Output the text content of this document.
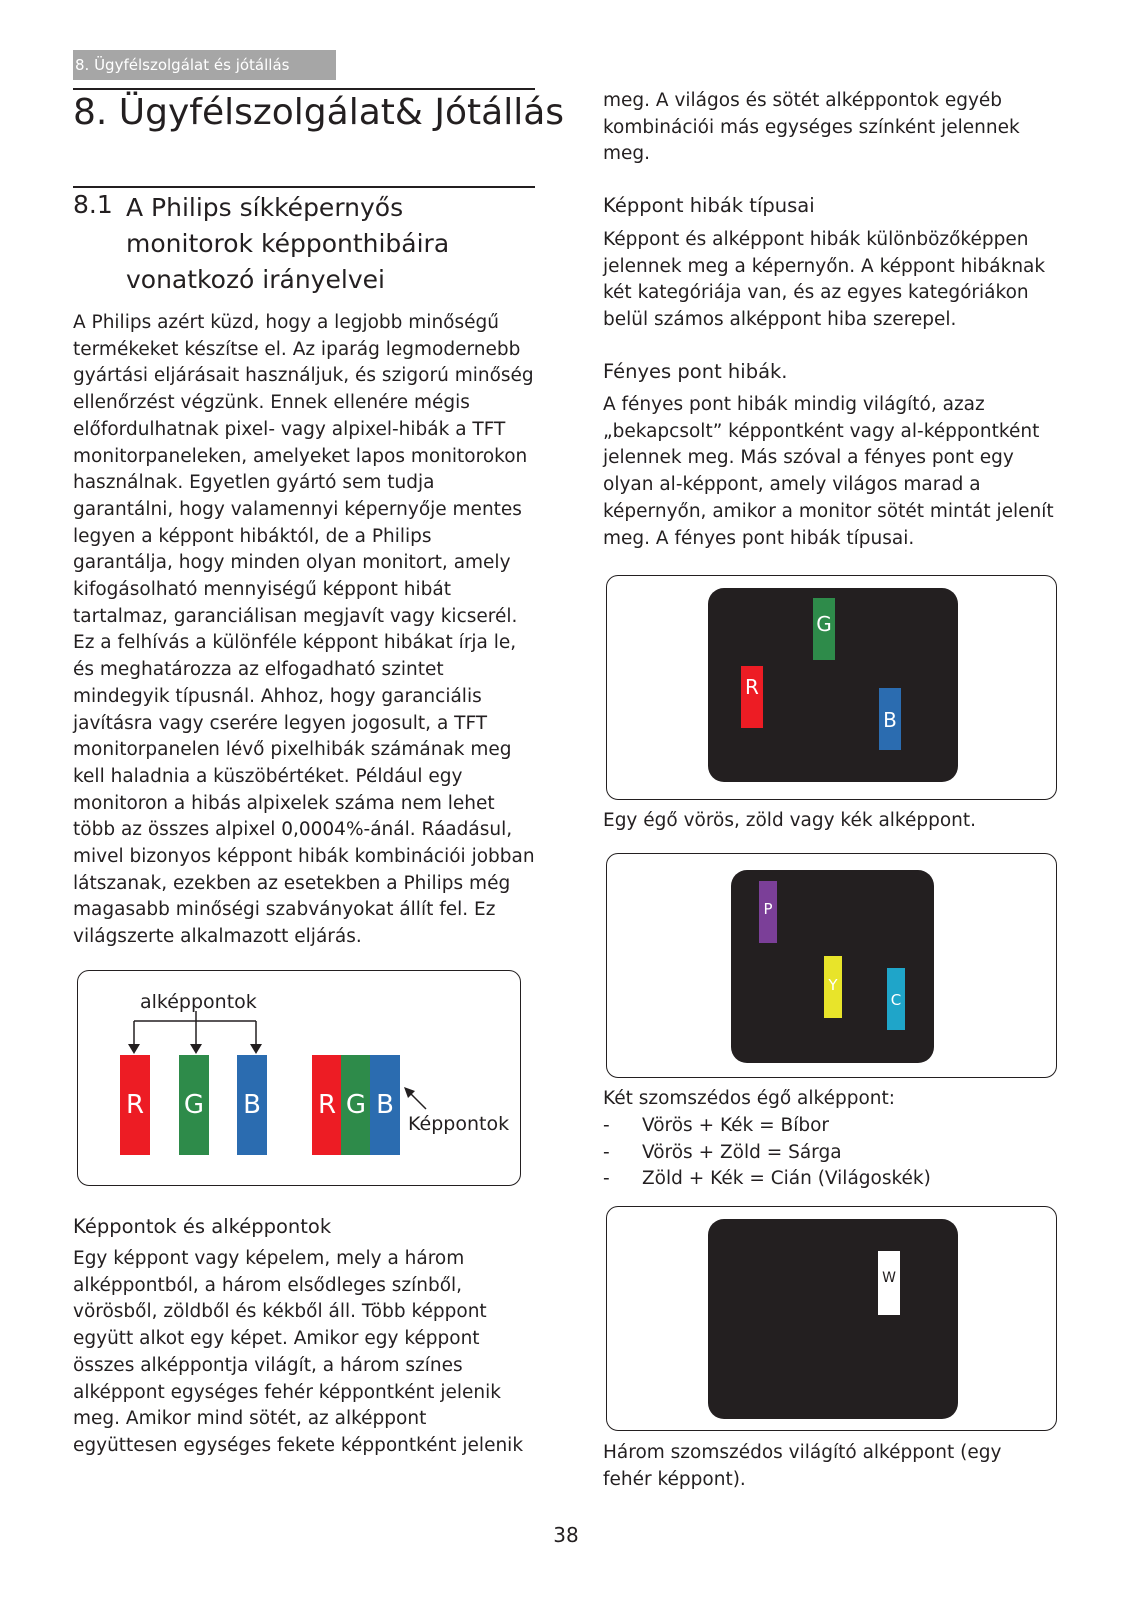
8. Ügyfélszolgálat és jótállás
8. Ügyfélszolgálat& Jótállás
8.1 A Philips síkképernyős monitorok képponthibáira vonatkozó irányelvei

A Philips azért küzd, hogy a legjobb minőségű termékeket készítse el. Az iparág legmodernebb gyártási eljárásait használjuk, és szigorú minőség ellenőrzést végzünk. Ennek ellenére mégis előfordulhatnak pixel- vagy alpixel-hibák a TFT monitorpaneleken, amelyeket lapos monitorokon használnak. Egyetlen gyártó sem tudja garantálni, hogy valamennyi képernyője mentes legyen a képpont hibáktól, de a Philips garantálja, hogy minden olyan monitort, amely kifogásolható mennyiségű képpont hibát tartalmaz, garanciálisan megjavít vagy kicserél. Ez a felhívás a különféle képpont hibákat írja le, és meghatározza az elfogadható szintet mindegyik típusnál. Ahhoz, hogy garanciális javításra vagy cserére legyen jogosult, a TFT monitorpanelen lévő pixelhibák számának meg kell haladnia a küszöbértéket. Például egy monitoron a hibás alpixelek száma nem lehet több az összes alpixel 0,0004%-ánál. Ráadásul, mivel bizonyos képpont hibák kombinációi jobban látszanak, ezekben az esetekben a Philips még magasabb minőségi szabványokat állít fel. Ez világszerte alkalmazott eljárás.

alképpontok
R G B R G B
Képpontok
Képpontok és alképpontok

Egy képpont vagy képelem, mely a három alképpontból, a három elsődleges színből, vörösből, zöldből és kékből áll. Több képpont együtt alkot egy képet. Amikor egy képpont összes alképpontja világít, a három színes alképpont egységes fehér képpontként jelenik meg. Amikor mind sötét, az alképpont együttesen egységes fekete képpontként jelenik

meg. A világos és sötét alképpontok egyéb kombinációi más egységes színként jelennek meg.

Képpont hibák típusai

Képpont és alképpont hibák különbözőképpen jelennek meg a képernyőn. A képpont hibáknak két kategóriája van, és az egyes kategóriákon belül számos alképpont hiba szerepel.

Fényes pont hibák.

A fényes pont hibák mindig világító, azaz „bekapcsolt” képpontként vagy al-képpontként jelennek meg. Más szóval a fényes pont egy olyan al-képpont, amely világos marad a képernyőn, amikor a monitor sötét mintát jelenít meg. A fényes pont hibák típusai.

G
R
B

Egy égő vörös, zöld vagy kék alképpont.

P
Y
C

Két szomszédos égő alképpont:

- Vörös + Kék = Bíbor
- Vörös + Zöld = Sárga
- Zöld + Kék = Cián (Világoskék)
W

Három szomszédos világító alképpont (egy fehér képpont).

38
